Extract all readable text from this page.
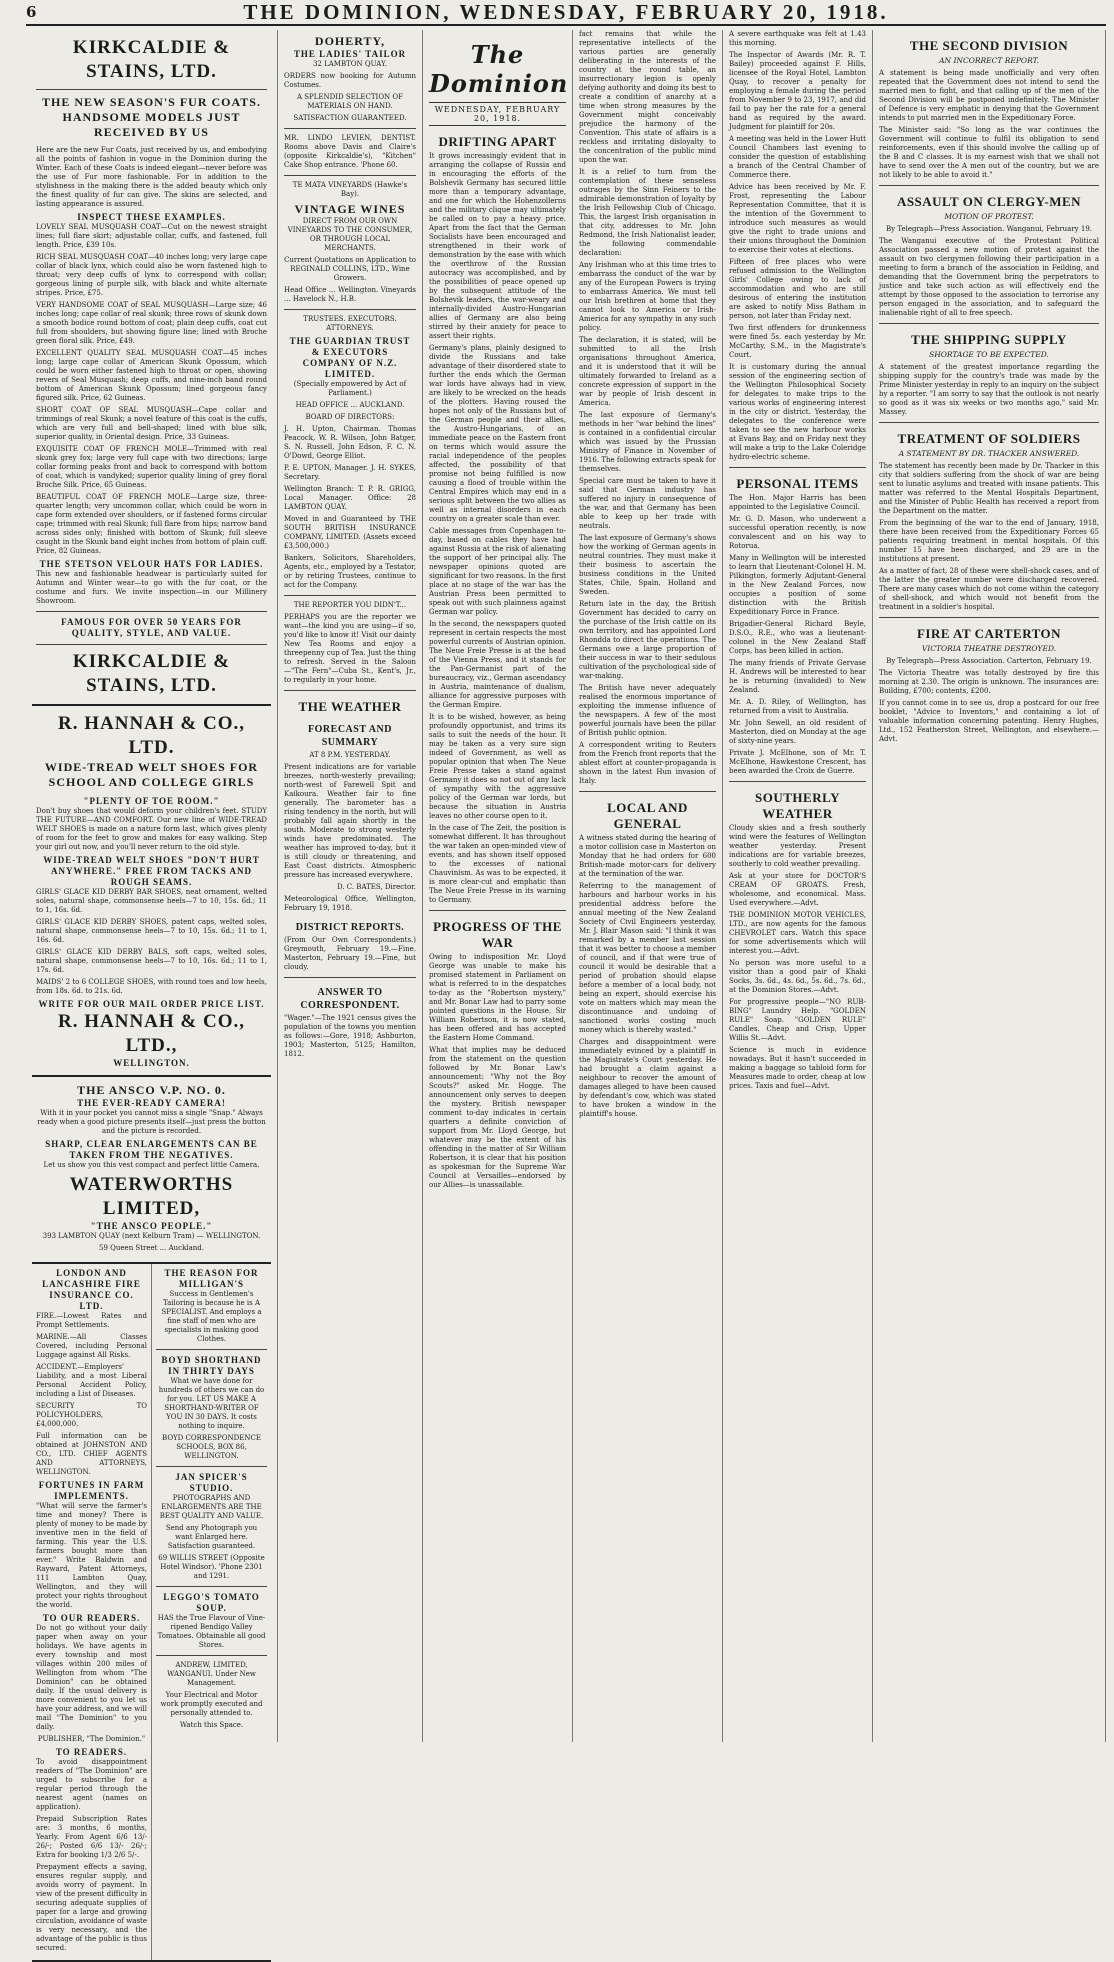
6	THE DOMINION, WEDNESDAY, FEBRUARY 20, 1918.
KIRKCALDIE & STAINS, LTD.
THE NEW SEASON'S FUR COATS. HANDSOME MODELS JUST RECEIVED BY US

Here are the new Fur Coats, just received by us, and embodying all the points of fashion in vogue in the Dominion during the Winter. Each of these Coats is indeed elegant—never before was the use of Fur more fashionable. For in addition to the stylishness in the making there is the added beauty which only the finest quality of fur can give. The skins are selected, and lasting appearance is assured.

INSPECT THESE EXAMPLES.

LOVELY SEAL MUSQUASH COAT—Cut on the newest straight lines; full flare skirt; adjustable collar, cuffs, and fastened, full length. Price, £39 10s.

RICH SEAL MUSQUASH COAT—40 inches long; very large cape collar of black lynx, which could also be worn fastened high to throat; very deep cuffs of lynx to correspond with collar; gorgeous lining of purple silk, with black and white alternate stripes. Price, £75.

VERY HANDSOME COAT of SEAL MUSQUASH—Large size; 46 inches long; cape collar of real skunk; three rows of skunk down a smooth bodice round bottom of coat; plain deep cuffs, coat cut full from shoulders, but showing figure line; lined with Broche green floral silk. Price, £49.

EXCELLENT QUALITY SEAL MUSQUASH COAT—45 inches long; large cape collar of American Skunk Opossum, which could be worn either fastened high to throat or open, showing revers of Seal Musquash; deep cuffs, and nine-inch band round bottom of American Skunk Opossum; lined gorgeous fancy figured silk. Price, 62 Guineas.

SHORT COAT OF SEAL MUSQUASH—Cape collar and trimmings of real Skunk; a novel feature of this coat is the cuffs, which are very full and bell-shaped; lined with blue silk, superior quality, in Oriental design. Price, 33 Guineas.

EXQUISITE COAT OF FRENCH MOLE—Trimmed with real skunk grey fox; large very full cape with two directions; large collar forming peaks front and back to correspond with bottom of coat, which is vandyked; superior quality lining of grey floral Broche Silk. Price, 65 Guineas.

BEAUTIFUL COAT OF FRENCH MOLE—Large size, three-quarter length; very uncommon collar, which could be worn in cape form extended over shoulders, or if fastened forms circular cape; trimmed with real Skunk; full flare from hips; narrow band across sides only; finished with bottom of Skunk; full sleeve caught in the Skunk band eight inches from bottom of plain cuff. Price, 82 Guineas.

THE STETSON VELOUR HATS FOR LADIES.

This new and fashionable headwear is particularly suited for Autumn and Winter wear—to go with the fur coat, or the costume and furs. We invite inspection—in our Millinery Showroom.

FAMOUS FOR OVER 50 YEARS FOR QUALITY, STYLE, AND VALUE.
KIRKCALDIE & STAINS, LTD.
R. HANNAH & CO., LTD.
WIDE-TREAD WELT SHOES FOR SCHOOL AND COLLEGE GIRLS
"PLENTY OF TOE ROOM."

Don't buy shoes that would deform your children's feet. STUDY THE FUTURE—AND COMFORT. Our new line of WIDE-TREAD WELT SHOES is made on a nature form last, which gives plenty of room for the feet to grow and makes for easy walking. Step your girl out now, and you'll never return to the old style.

WIDE-TREAD WELT SHOES "DON'T HURT ANYWHERE." FREE FROM TACKS AND ROUGH SEAMS.

GIRLS' GLACE KID DERBY BAR SHOES, neat ornament, welted soles, natural shape, commonsense heels—7 to 10, 15s. 6d.; 11 to 1, 16s. 6d.

GIRLS' GLACE KID DERBY SHOES, patent caps, welted soles, natural shape, commonsense heels—7 to 10, 15s. 6d.; 11 to 1, 16s. 6d.

GIRLS' GLACE KID DERBY BALS, soft caps, welted soles, natural shape, commonsense heels—7 to 10, 16s. 6d.; 11 to 1, 17s. 6d.

MAIDS' 2 to 6 COLLEGE SHOES, with round toes and low heels, from 18s. 6d. to 21s. 6d.

WRITE FOR OUR MAIL ORDER PRICE LIST.
R. HANNAH & CO., LTD.,
WELLINGTON.
THE ANSCO V.P. NO. 0.
THE EVER-READY CAMERA!

With it in your pocket you cannot miss a single "Snap." Always ready when a good picture presents itself—just press the button and the picture is recorded.

SHARP, CLEAR ENLARGEMENTS CAN BE TAKEN FROM THE NEGATIVES.

Let us show you this vest compact and perfect little Camera.

WATERWORTHS LIMITED,
"THE ANSCO PEOPLE."

393 LAMBTON QUAY (next Kelburn Tram) — WELLINGTON.

59 Queen Street ... Auckland.

LONDON AND LANCASHIRE FIRE INSURANCE CO. LTD.

FIRE.—Lowest Rates and Prompt Settlements.

MARINE.—All Classes Covered, including Personal Luggage against All Risks.

ACCIDENT.—Employers' Liability, and a most Liberal Personal Accident Policy, including a List of Diseases.

SECURITY TO POLICYHOLDERS, £4,000,000.

Full information can be obtained at JOHNSTON AND CO., LTD. CHIEF AGENTS AND ATTORNEYS, WELLINGTON.

FORTUNES IN FARM IMPLEMENTS.

"What will serve the farmer's time and money? There is plenty of money to be made by inventive men in the field of farming. This year the U.S. farmers bought more than ever." Write Baldwin and Rayward, Patent Attorneys, 111 Lambton Quay, Wellington, and they will protect your rights throughout the world.

TO OUR READERS.

Do not go without your daily paper when away on your holidays. We have agents in every township and most villages within 200 miles of Wellington from whom "The Dominion" can be obtained daily. If the usual delivery is more convenient to you let us have your address, and we will mail "The Dominion" to you daily.

PUBLISHER, "The Dominion."

TO READERS.

To avoid disappointment readers of "The Dominion" are urged to subscribe for a regular period through the nearest agent (names on application).

Prepaid Subscription Rates are: 3 months, 6 months, Yearly. From Agent 6/6 13/- 26/-; Posted 6/6 13/- 26/-; Extra for booking 1/3 2/6 5/-.

Prepayment effects a saving, ensures regular supply, and avoids worry of payment. In view of the present difficulty in securing adequate supplies of paper for a large and growing circulation, avoidance of waste is very necessary, and the advantage of the public is thus secured.

THE REASON FOR MILLIGAN'S

Success in Gentlemen's Tailoring is because he is A SPECIALIST. And employs a fine staff of men who are specialists in making good Clothes.

BOYD SHORTHAND IN THIRTY DAYS

What we have done for hundreds of others we can do for you. LET US MAKE A SHORTHAND-WRITER OF YOU IN 30 DAYS. It costs nothing to inquire.

BOYD CORRESPONDENCE SCHOOLS, BOX 86, WELLINGTON.

JAN SPICER'S STUDIO.

PHOTOGRAPHS AND ENLARGEMENTS ARE THE BEST QUALITY AND VALUE.

Send any Photograph you want Enlarged here. Satisfaction guaranteed.

69 WILLIS STREET (Opposite Hotel Windsor). 'Phone 2301 and 1291.

LEGGO'S TOMATO SOUP.

HAS the True Flavour of Vine-ripened Bendigo Valley Tomatoes. Obtainable all good Stores.

ANDREW, LIMITED, WANGANUI. Under New Management.

Your Electrical and Motor work promptly executed and personally attended to.

Watch this Space.

DOHERTY,
THE LADIES' TAILOR

32 LAMBTON QUAY.

ORDERS now booking for Autumn Costumes.

A SPLENDID SELECTION OF MATERIALS ON HAND.

SATISFACTION GUARANTEED.

MR. LINDO LEVIEN, DENTIST. Rooms above Davis and Claire's (opposite Kirkcaldie's), "Kitchen" Cake Shop entrance. 'Phone 60.

TE MATA VINEYARDS (Hawke's Bay).

VINTAGE WINES

DIRECT FROM OUR OWN VINEYARDS TO THE CONSUMER, OR THROUGH LOCAL MERCHANTS.

Current Quotations on Application to REGINALD COLLINS, LTD., Wine Growers.

Head Office ... Wellington. Vineyards ... Havelock N., H.B.

TRUSTEES. EXECUTORS. ATTORNEYS.

THE GUARDIAN TRUST & EXECUTORS COMPANY OF N.Z. LIMITED.

(Specially empowered by Act of Parliament.)

HEAD OFFICE ... AUCKLAND.

BOARD OF DIRECTORS:

J. H. Upton, Chairman. Thomas Peacock, W. R. Wilson, John Batger, S. N. Russell, John Edson, F. C. N. O'Dowd, George Elliot.

P. E. UPTON, Manager. J. H. SYKES, Secretary.

Wellington Branch: T. P. R. GRIGG, Local Manager. Office: 28 LAMBTON QUAY.

Moved in and Guaranteed by THE SOUTH BRITISH INSURANCE COMPANY, LIMITED. (Assets exceed £3,500,000.)

Bankers, Solicitors, Shareholders, Agents, etc., employed by a Testator, or by retiring Trustees, continue to act for the Company.

THE REPORTER YOU DIDN'T...

PERHAPS you are the reporter we want—the kind you are using—if so, you'd like to know it! Visit our dainty New Tea Rooms and enjoy a threepenny cup of Tea. Just the thing to refresh. Served in the Saloon—"The Fern"—Cuba St., Kent's, Jr., to regularly in your home.

THE WEATHER
FORECAST AND SUMMARY

AT 8 P.M. YESTERDAY.

Present indications are for variable breezes, north-westerly prevailing; north-west of Farewell Spit and Kaikoura. Weather fair to fine generally. The barometer has a rising tendency in the north, but will probably fall again shortly in the south. Moderate to strong westerly winds have predominated. The weather has improved to-day, but it is still cloudy or threatening, and East Coast districts. Atmospheric pressure has increased everywhere.

D. C. BATES, Director.

Meteorological Office, Wellington, February 19, 1918.

DISTRICT REPORTS.

(From Our Own Correspondents.) Greymouth, February 19.—Fine. Masterton, February 19.—Fine, but cloudy.

ANSWER TO CORRESPONDENT.

"Wager."—The 1921 census gives the population of the towns you mention as follows:—Gore, 1918; Ashburton, 1903; Masterton, 5125; Hamilton, 1812.

The Dominion
WEDNESDAY, FEBRUARY 20, 1918.
DRIFTING APART

It grows increasingly evident that in arranging the collapse of Russia and in encouraging the efforts of the Bolshevik Germany has secured little more than a temporary advantage, and one for which the Hohenzollerns and the military clique may ultimately be called on to pay a heavy price. Apart from the fact that the German Socialists have been encouraged and strengthened in their work of demonstration by the ease with which the overthrow of the Russian autocracy was accomplished, and by the possibilities of peace opened up by the subsequent attitude of the Bolshevik leaders, the war-weary and internally-divided Austro-Hungarian allies of Germany are also being stirred by their anxiety for peace to assert their rights.

Germany's plans, plainly designed to divide the Russians and take advantage of their disordered state to further the ends which the German war lords have always had in view, are likely to be wrecked on the heads of the plotters. Having roused the hopes not only of the Russians but of the German people and their allies, the Austro-Hungarians, of an immediate peace on the Eastern front on terms which would assure the racial independence of the peoples affected, the possibility of that promise not being fulfilled is now causing a flood of trouble within the Central Empires which may end in a serious split between the two allies as well as internal disorders in each country on a greater scale than ever.

Cable messages from Copenhagen to-day, based on cables they have had against Russia at the risk of alienating the support of her principal ally. The newspaper opinions quoted are significant for two reasons. In the first place at no stage of the war has the Austrian Press been permitted to speak out with such plainness against German war policy.

In the second, the newspapers quoted represent in certain respects the most powerful currents of Austrian opinion. The Neue Freie Presse is at the head of the Vienna Press, and it stands for the Pan-Germanist part of the bureaucracy, viz., German ascendancy in Austria, maintenance of dualism, alliance for aggressive purposes with the German Empire.

It is to be wished, however, as being profoundly opportunist, and trims its sails to suit the needs of the hour. It may be taken as a very sure sign indeed of Government, as well as popular opinion that when The Neue Freie Presse takes a stand against Germany it does so not out of any lack of sympathy with the aggressive policy of the German war lords, but because the situation in Austria leaves no other course open to it.

In the case of The Zeit, the position is somewhat different. It has throughout the war taken an open-minded view of events, and has shown itself opposed to the excesses of national Chauvinism. As was to be expected, it is more clear-cut and emphatic than The Neue Freie Presse in its warning to Germany.

PROGRESS OF THE WAR

Owing to indisposition Mr. Lloyd George was unable to make his promised statement in Parliament on what is referred to in the despatches to-day as the "Robertson mystery," and Mr. Bonar Law had to parry some pointed questions in the House. Sir William Robertson, it is now stated, has been offered and has accepted the Eastern Home Command.

What that implies may be deduced from the statement on the question followed by Mr. Bonar Law's announcement: "Why not the Boy Scouts?" asked Mr. Hogge. The announcement only serves to deepen the mystery. British newspaper comment to-day indicates in certain quarters a definite conviction of support from Mr. Lloyd George, but whatever may be the extent of his offending in the matter of Sir William Robertson, it is clear that his position as spokesman for the Supreme War Council at Versailles—endorsed by our Allies—is unassailable.

fact remains that while the representative intellects of the various parties are generally deliberating in the interests of the country at the round table, an insurrectionary legion is openly defying authority and doing its best to create a condition of anarchy at a time when strong measures by the Government might conceivably prejudice the harmony of the Convention. This state of affairs is a reckless and irritating disloyalty to the concentration of the public mind upon the war.

It is a relief to turn from the contemplation of these senseless outrages by the Sinn Feiners to the admirable demonstration of loyalty by the Irish Fellowship Club of Chicago. This, the largest Irish organisation in that city, addresses to Mr. John Redmond, the Irish Nationalist leader, the following commendable declaration:

Any Irishman who at this time tries to embarrass the conduct of the war by any of the European Powers is trying to embarrass America. We must tell our Irish brethren at home that they cannot look to America or Irish-America for any sympathy in any such policy.

The declaration, it is stated, will be submitted to all the Irish organisations throughout America, and it is understood that it will be ultimately forwarded to Ireland as a concrete expression of support in the war by people of Irish descent in America.

The last exposure of Germany's methods in her "war behind the lines" is contained in a confidential circular which was issued by the Prussian Ministry of Finance in November of 1916. The following extracts speak for themselves.

Special care must be taken to have it said that German industry has suffered no injury in consequence of the war, and that Germany has been able to keep up her trade with neutrals.

The last exposure of Germany's shows how the working of German agents in neutral countries. They must make it their business to ascertain the business conditions in the United States, Chile, Spain, Holland and Sweden.

Return late in the day, the British Government has decided to carry on the purchase of the Irish cattle on its own territory, and has appointed Lord Rhondda to direct the operations. The Germans owe a large proportion of their success in war to their sedulous cultivation of the psychological side of war-making.

The British have never adequately realised the enormous importance of exploiting the immense influence of the newspapers. A few of the most powerful journals have been the pillar of British public opinion.

A correspondent writing to Reuters from the French front reports that the ablest effort at counter-propaganda is shown in the latest Hun invasion of Italy.

LOCAL AND GENERAL

A witness stated during the hearing of a motor collision case in Masterton on Monday that he had orders for 600 British-made motor-cars for delivery at the termination of the war.

Referring to the management of harbours and harbour works in his presidential address before the annual meeting of the New Zealand Society of Civil Engineers yesterday, Mr. J. Blair Mason said: "I think it was remarked by a member last session that it was better to choose a member of council, and if that were true of council it would be desirable that a period of probation should elapse before a member of a local body, not being an expert, should exercise his vote on matters which may mean the discontinuance and undoing of sanctioned works costing much money which is thereby wasted."

Charges and disappointment were immediately evinced by a plaintiff in the Magistrate's Court yesterday. He had brought a claim against a neighbour to recover the amount of damages alleged to have been caused by defendant's cow, which was stated to have broken a window in the plaintiff's house.

A severe earthquake was felt at 1.43 this morning.

The Inspector of Awards (Mr. R. T. Bailey) proceeded against F. Hills, licensee of the Royal Hotel, Lambton Quay, to recover a penalty for employing a female during the period from November 9 to 23, 1917, and did fail to pay her the rate for a general hand as required by the award. Judgment for plaintiff for 20s.

A meeting was held in the Lower Hutt Council Chambers last evening to consider the question of establishing a branch of the Central Chamber of Commerce there.

Advice has been received by Mr. F. Frost, representing the Labour Representation Committee, that it is the intention of the Government to introduce such measures as would give the right to trade unions and their unions throughout the Dominion to exercise their votes at elections.

Fifteen of free places who were refused admission to the Wellington Girls' College owing to lack of accommodation and who are still desirous of entering the institution are asked to notify Miss Batham in person, not later than Friday next.

Two first offenders for drunkenness were fined 5s. each yesterday by Mr. McCarthy, S.M., in the Magistrate's Court.

It is customary during the annual session of the engineering section of the Wellington Philosophical Society for delegates to make trips to the various works of engineering interest in the city or district. Yesterday, the delegates to the conference were taken to see the new harbour works at Evans Bay, and on Friday next they will make a trip to the Lake Coleridge hydro-electric scheme.

PERSONAL ITEMS

The Hon. Major Harris has been appointed to the Legislative Council.

Mr. G. D. Mason, who underwent a successful operation recently, is now convalescent and on his way to Rotorua.

Many in Wellington will be interested to learn that Lieutenant-Colonel H. M. Pilkington, formerly Adjutant-General in the New Zealand Forces, now occupies a position of some distinction with the British Expeditionary Force in France.

Brigadier-General Richard Beyle, D.S.O., R.E., who was a lieutenant-colonel in the New Zealand Staff Corps, has been killed in action.

The many friends of Private Gervase H. Andrews will be interested to hear he is returning (invalided) to New Zealand.

Mr. A. D. Riley, of Wellington, has returned from a visit to Australia.

Mr. John Sewell, an old resident of Masterton, died on Monday at the age of sixty-nine years.

Private J. McElhone, son of Mr. T. McElhone, Hawkestone Crescent, has been awarded the Croix de Guerre.

SOUTHERLY WEATHER

Cloudy skies and a fresh southerly wind were the features of Wellington weather yesterday. Present indications are for variable breezes, southerly to cold weather prevailing.

Ask at your store for DOCTOR'S CREAM OF GROATS. Fresh, wholesome, and economical. Mass. Used everywhere.—Advt.

THE DOMINION MOTOR VEHICLES, LTD., are now agents for the famous CHEVROLET cars. Watch this space for some advertisements which will interest you.—Advt.

No person was more useful to a visitor than a good pair of Khaki Socks, 3s. 6d., 4s. 6d., 5s. 6d., 7s. 6d., at the Dominion Stores.—Advt.

For progressive people—"NO RUB-BING" Laundry Help. "GOLDEN RULE" Soap. "GOLDEN RULE" Candles. Cheap and Crisp, Upper Willis St.—Advt.

Science is much in evidence nowadays. But it hasn't succeeded in making a baggage so tabloid form for Measures made to order, cheap at low prices. Taxis and fuel—Advt.

THE SECOND DIVISION
AN INCORRECT REPORT.

A statement is being made unofficially and very often repeated that the Government does not intend to send the married men to fight, and that calling up of the men of the Second Division will be postponed indefinitely. The Minister of Defence is very emphatic in denying that the Government intends to put married men in the Expeditionary Force.

The Minister said: "So long as the war continues the Government will continue to fulfil its obligation to send reinforcements, even if this should involve the calling up of the B and C classes. It is my earnest wish that we shall not have to send over the A men out of the country, but we are not likely to be able to avoid it."

ASSAULT ON CLERGY-MEN
MOTION OF PROTEST.

By Telegraph—Press Association. Wanganui, February 19.

The Wanganui executive of the Protestant Political Association passed a new motion of protest against the assault on two clergymen following their participation in a meeting to form a branch of the association in Feilding, and demanding that the Government bring the perpetrators to justice and take such action as will effectively end the attempt by those opposed to the association to terrorise any person engaged in the association, and to safeguard the inalienable right of all to free speech.

THE SHIPPING SUPPLY
SHORTAGE TO BE EXPECTED.

A statement of the greatest importance regarding the shipping supply for the country's trade was made by the Prime Minister yesterday in reply to an inquiry on the subject by a reporter. "I am sorry to say that the outlook is not nearly so good as it was six weeks or two months ago," said Mr. Massey.

TREATMENT OF SOLDIERS
A STATEMENT BY DR. THACKER ANSWERED.

The statement has recently been made by Dr. Thacker in this city that soldiers suffering from the shock of war are being sent to lunatic asylums and treated with insane patients. This matter was referred to the Mental Hospitals Department, and the Minister of Public Health has received a report from the Department on the matter.

From the beginning of the war to the end of January, 1918, there have been received from the Expeditionary Forces 65 patients requiring treatment in mental hospitals. Of this number 15 have been discharged, and 29 are in the institutions at present.

As a matter of fact, 28 of these were shell-shock cases, and of the latter the greater number were discharged recovered. There are many cases which do not come within the category of shell-shock, and which would not benefit from the treatment in a soldier's hospital.

FIRE AT CARTERTON
VICTORIA THEATRE DESTROYED.

By Telegraph—Press Association. Carterton, February 19.

The Victoria Theatre was totally destroyed by fire this morning at 2.30. The origin is unknown. The insurances are: Building, £700; contents, £200.

If you cannot come in to see us, drop a postcard for our free booklet, "Advice to Inventors," and containing a lot of valuable information concerning patenting. Henry Hughes, Ltd., 152 Featherston Street, Wellington, and elsewhere.—Advt.
